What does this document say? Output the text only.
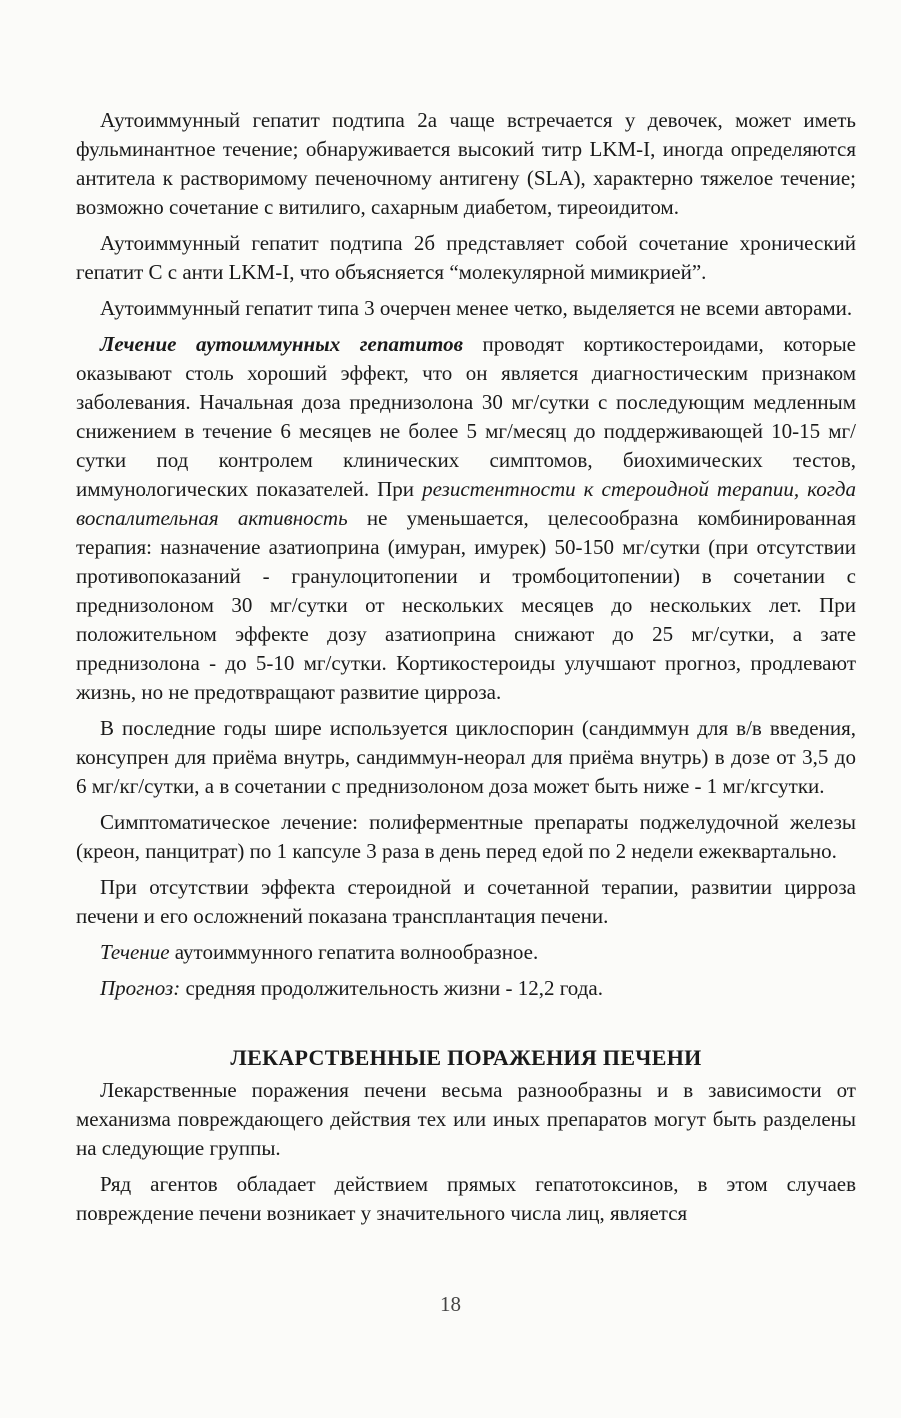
Аутоиммунный гепатит подтипа 2а чаще встречается у девочек, может иметь фульминантное течение; обнаруживается высокий титр LKM-I, иногда определяются антитела к растворимому печеночному антигену (SLA), характерно тяжелое течение; возможно сочетание с витилиго, сахарным диабетом, тиреоидитом.

Аутоиммунный гепатит подтипа 2б представляет собой сочетание хронический гепатит С с анти LKM-I, что объясняется “молекулярной мимикрией”.

Аутоиммунный гепатит типа 3 очерчен менее четко, выделяется не всеми авторами.

Лечение аутоиммунных гепатитов проводят кортикостероидами, которые оказывают столь хороший эффект, что он является диагностическим признаком заболевания. Начальная доза преднизолона 30 мг/сутки с последующим медленным снижением в течение 6 месяцев не более 5 мг/месяц до поддерживающей 10-15 мг/сутки под контролем клинических симптомов, биохимических тестов, иммунологических показателей. При резистентности к стероидной терапии, когда воспалительная активность не уменьшается, целесообразна комбинированная терапия: назначение азатиоприна (имуран, имурек) 50-150 мг/сутки (при отсутствии противопоказаний - гранулоцитопении и тромбоцитопении) в сочетании с преднизолоном 30 мг/сутки от нескольких месяцев до нескольких лет. При положительном эффекте дозу азатиоприна снижают до 25 мг/сутки, а зате преднизолона - до 5-10 мг/сутки. Кортикостероиды улучшают прогноз, продлевают жизнь, но не предотвращают развитие цирроза.

В последние годы шире используется циклоспорин (сандиммун для в/в введения, консупрен для приёма внутрь, сандиммун-неорал для приёма внутрь) в дозе от 3,5 до 6 мг/кг/сутки, а в сочетании с преднизолоном доза может быть ниже - 1 мг/кгсутки.

Симптоматическое лечение: полиферментные препараты поджелудочной железы (креон, панцитрат) по 1 капсуле 3 раза в день перед едой по 2 недели ежеквартально.

При отсутствии эффекта стероидной и сочетанной терапии, развитии цирроза печени и его осложнений показана трансплантация печени.

Течение аутоиммунного гепатита волнообразное.

Прогноз: средняя продолжительность жизни - 12,2 года.

ЛЕКАРСТВЕННЫЕ ПОРАЖЕНИЯ ПЕЧЕНИ

Лекарственные поражения печени весьма разнообразны и в зависимости от механизма повреждающего действия тех или иных препаратов могут быть разделены на следующие группы.

Ряд агентов обладает действием прямых гепатотоксинов, в этом случаев повреждение печени возникает у значительного числа лиц, является

18
